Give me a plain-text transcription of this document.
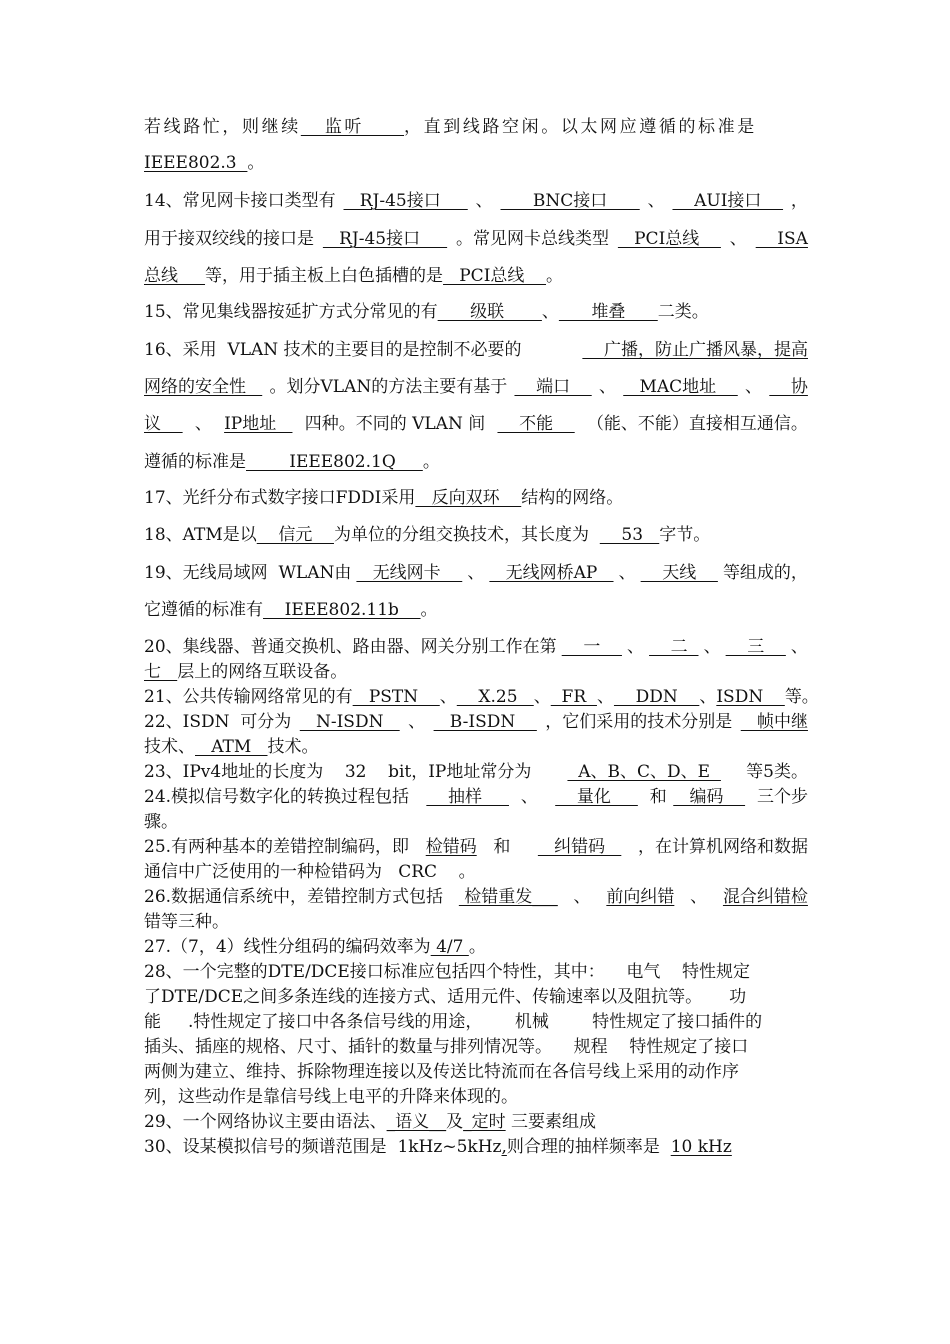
若线路忙，则继续   监听     ，直到线路空闲。以太网应遵循的标准是
IEEE802.3  。
14、常见网卡接口类型有 RJ-45接口 、 BNC接口 、 AUI接口 ，
用于接双绞线的接口是 RJ-45接口 。常见网卡总线类型 PCI总线 、 ISA
总线     等，用于插主板上白色插槽的是   PCI总线    。
15、常见集线器按延扩方式分常见的有      级联       、      堆叠      二类。
16、采用  VLAN 技术的主要目的是控制不必要的	广播，防止广播风暴，提高
网络的安全性 。划分VLAN的方法主要有基于 端口 、 MAC地址 、 协
议 、 IP地址 四种。不同的 VLAN 间 不能 （能、不能）直接相互通信。
遵循的标准是        IEEE802.1Q     。
17、光纤分布式数字接口FDDI采用   反向双环    结构的网络。
18、ATM是以    信元    为单位的分组交换技术，其长度为      53   字节。
19、无线局域网  WLAN由 无线网卡 、 无线网桥AP 、 天线 等组成的，
它遵循的标准有    IEEE802.11b    。
20、集线器、普通交换机、路由器、网关分别工作在第 一 、 二 、 三 、
七   层上的网络互联设备。
21、公共传输网络常见的有 PSTN 、 X.25 、 FR 、 DDN 、 ISDN 等。
22、ISDN  可分为 N-ISDN 、 B-ISDN ，它们采用的技术分别是 帧中继
技术、   ATM   技术。
23、IPv4地址的长度为    32    bit，IP地址常分为 A、B、C、D、E 等5类。
24.模拟信号数字化的转换过程包括 抽样 、 量化 和 编码 三个步
骤。
25.有两种基本的差错控制编码，即 检错码 和 纠错码 ，在计算机网络和数据
通信中广泛使用的一种检错码为   CRC    。
26.数据通信系统中，差错控制方式包括 检错重发___ 、 前向纠错 、 混合纠错检
错等三种。
27.（7，4）线性分组码的编码效率为 4/7 。
28、一个完整的DTE/DCE接口标准应包括四个特性，其中：    电气    特性规定
了DTE/DCE之间多条连线的连接方式、适用元件、传输速率以及阻抗等。     功
能     .特性规定了接口中各条信号线的用途，      机械        特性规定了接口插件的
插头、插座的规格、尺寸、插针的数量与排列情况等。    规程    特性规定了接口
两侧为建立、维持、拆除物理连接以及传送比特流而在各信号线上采用的动作序
列，这些动作是靠信号线上电平的升降来体现的。
29、一个网络协议主要由语法、_语义__及_定时 三要素组成
30、设某模拟信号的频谱范围是  1kHz~5kHz,则合理的抽样频率是  10 kHz
